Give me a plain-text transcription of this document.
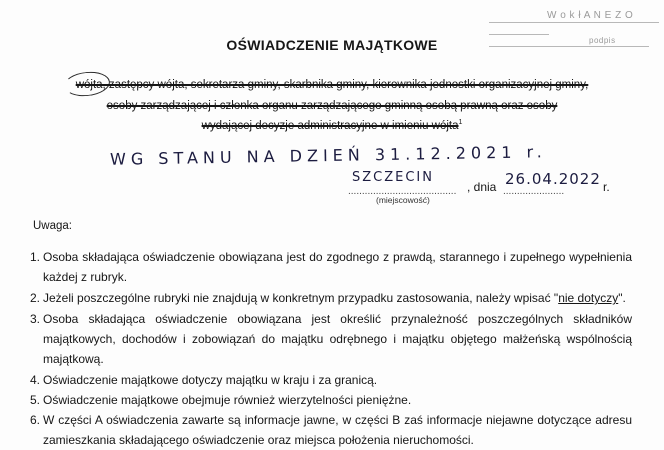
W o k ł A N E Z O
podpis
OŚWIADCZENIE MAJĄTKOWE
wójta, zastępcy wójta, sekretarza gminy, skarbnika gminy, kierownika jednostki organizacyjnej gminy,
osoby zarządzającej i członka organu zarządzającego gminną osobą prawną oraz osoby
wydającej decyzje administracyjne w imieniu wójta$^1$
WG STANU NA DZIEŃ 31.12.2021 r.
SZCZECIN
....................................... , dnia 26.04.2022
......................	r.
(miejscowość)
Uwaga:
1. Osoba składająca oświadczenie obowiązana jest do zgodnego z prawdą, starannego i zupełnego wypełnienia każdej z rubryk.
2. Jeżeli poszczególne rubryki nie znajdują w konkretnym przypadku zastosowania, należy wpisać "nie dotyczy".
3. Osoba składająca oświadczenie obowiązana jest określić przynależność poszczególnych składników majątkowych, dochodów i zobowiązań do majątku odrębnego i majątku objętego małżeńską wspólnością majątkową.
4. Oświadczenie majątkowe dotyczy majątku w kraju i za granicą.
5. Oświadczenie majątkowe obejmuje również wierzytelności pieniężne.
6. W części A oświadczenia zawarte są informacje jawne, w części B zaś informacje niejawne dotyczące adresu zamieszkania składającego oświadczenie oraz miejsca położenia nieruchomości.
